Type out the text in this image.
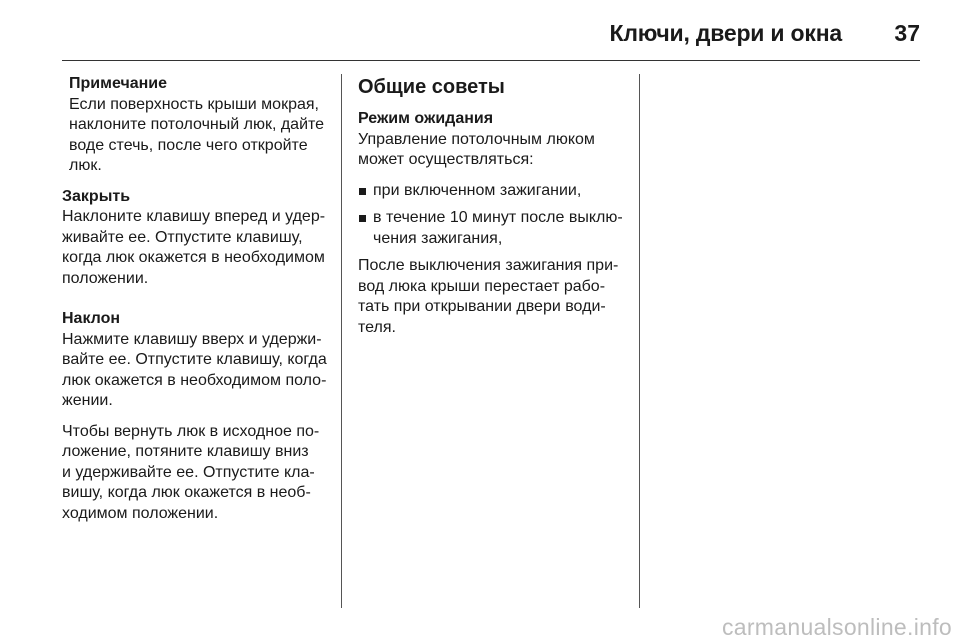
Ключи, двери и окна 37
Примечание
Если поверхность крыши мокрая,
наклоните потолочный люк, дайте
воде стечь, после чего откройте
люк.
Закрыть
Наклоните клавишу вперед и удер-
живайте ее. Отпустите клавишу,
когда люк окажется в необходимом
положении.
Наклон
Нажмите клавишу вверх и удержи-
вайте ее. Отпустите клавишу, когда
люк окажется в необходимом поло-
жении.
Чтобы вернуть люк в исходное по-
ложение, потяните клавишу вниз
и удерживайте ее. Отпустите кла-
вишу, когда люк окажется в необ-
ходимом положении.
Общие советы
Режим ожидания
Управление потолочным люком
может осуществляться:
при включенном зажигании,
в течение 10 минут после выклю-
чения зажигания,
После выключения зажигания при-
вод люка крыши перестает рабо-
тать при открывании двери води-
теля.
carmanualsonline.info
